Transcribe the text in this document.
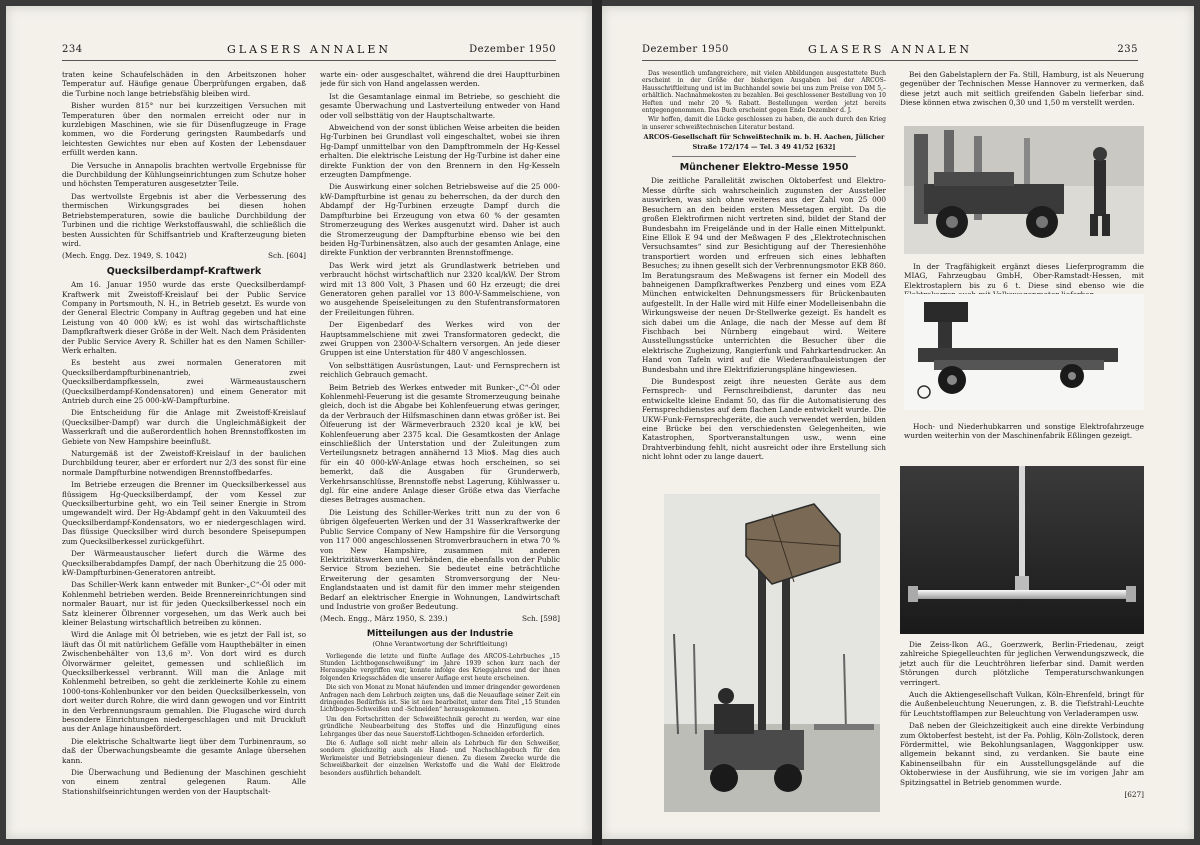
234	GLASERS ANNALEN	Dezember 1950

traten keine Schaufelschäden in den Arbeitszonen hoher Temperatur auf. Häufige genaue Überprüfungen ergaben, daß die Turbine noch lange betriebsfähig bleiben wird.

Bisher wurden 815° nur bei kurzzeitigen Versuchen mit Temperaturen über den normalen erreicht oder nur in kurzlebigen Maschinen, wie sie für Düsenflugzeuge in Frage kommen, wo die Forderung geringsten Raumbedarfs und leichtesten Gewichtes nur eben auf Kosten der Lebensdauer erfüllt werden kann.

Die Versuche in Annapolis brachten wertvolle Ergebnisse für die Durchbildung der Kühlungseinrichtungen zum Schutze hoher und höchsten Temperaturen ausgesetzter Teile.

Das wertvollste Ergebnis ist aber die Verbesserung des thermischen Wirkungsgrades bei diesen hohen Betriebstemperaturen, sowie die bauliche Durchbildung der Turbinen und die richtige Werkstoffauswahl, die schließlich die besten Aussichten für Schiffsantrieb und Krafterzeugung bieten wird.

(Mech. Engg. Dez. 1949, S. 1042)	Sch. [604]

Quecksilberdampf-Kraftwerk

Am 16. Januar 1950 wurde das erste Quecksilberdampf-Kraftwerk mit Zweistoff-Kreislauf bei der Public Service Company in Portsmouth, N. H., in Betrieb gesetzt. Es wurde von der General Electric Company in Auftrag gegeben und hat eine Leistung von 40 000 kW; es ist wohl das wirtschaftlichste Dampfkraftwerk dieser Größe in der Welt. Nach dem Präsidenten der Public Service Avery R. Schiller hat es den Namen Schiller-Werk erhalten.

Es besteht aus zwei normalen Generatoren mit Quecksilberdampfturbinenantrieb, zwei Quecksilberdampfkesseln, zwei Wärmeaustauschern (Quecksilberdampf-Kondensatoren) und einem Generator mit Antrieb durch eine 25 000-kW-Dampfturbine.

Die Entscheidung für die Anlage mit Zweistoff-Kreislauf (Quecksilber-Dampf) war durch die Ungleichmäßigkeit der Wasserkraft und die außerordentlich hohen Brennstoffkosten im Gebiete von New Hampshire beeinflußt.

Naturgemäß ist der Zweistoff-Kreislauf in der baulichen Durchbildung teurer, aber er erfordert nur 2/3 des sonst für eine normale Dampfturbine notwendigen Brennstoffbedarfes.

Im Betriebe erzeugen die Brenner im Quecksilberkessel aus flüssigem Hg-Quecksilberdampf, der vom Kessel zur Quecksilberturbine geht, wo ein Teil seiner Energie in Strom umgewandelt wird. Der Hg-Abdampf geht in den Vakuumteil des Quecksilberdampf-Kondensators, wo er niedergeschlagen wird. Das flüssige Quecksilber wird durch besondere Speisepumpen zum Quecksilberkessel zurückgeführt.

Der Wärmeaustauscher liefert durch die Wärme des Quecksilberabdampfes Dampf, der nach Überhitzung die 25 000-kW-Dampfturbinen-Generatoren antreibt.

Das Schiller-Werk kann entweder mit Bunker-„C“-Öl oder mit Kohlenmehl betrieben werden. Beide Brennereinrichtungen sind normaler Bauart, nur ist für jeden Quecksilberkessel noch ein Satz kleinerer Ölbrenner vorgesehen, um das Werk auch bei kleiner Belastung wirtschaftlich betreiben zu können.

Wird die Anlage mit Öl betrieben, wie es jetzt der Fall ist, so läuft das Öl mit natürlichem Gefälle vom Haupthebälter in einen Zwischenbehälter von 13,6 m³. Von dort wird es durch Ölvorwärmer geleitet, gemessen und schließlich im Quecksilberkessel verbrannt. Will man die Anlage mit Kohlenmehl betreiben, so geht die zerkleinerte Kohle zu einem 1000-tons-Kohlenbunker vor den beiden Quecksilberkesseln, von dort weiter durch Rohre, die wird dann gewogen und vor Eintritt in den Verbrennungsraum gemahlen. Die Flugasche wird durch besondere Einrichtungen niedergeschlagen und mit Druckluft aus der Anlage hinausbefördert.

Die elektrische Schaltwarte liegt über dem Turbinenraum, so daß der Überwachungsbeamte die gesamte Anlage übersehen kann.

Die Überwachung und Bedienung der Maschinen geschieht von einem zentral gelegenen Raum. Alle Stationshilfseinrichtungen werden von der Hauptschalt-

warte ein- oder ausgeschaltet, während die drei Hauptturbinen jede für sich von Hand angelassen werden.

Ist die Gesamtanlage einmal im Betriebe, so geschieht die gesamte Überwachung und Lastverteilung entweder von Hand oder voll selbsttätig von der Hauptschaltwarte.

Abweichend von der sonst üblichen Weise arbeiten die beiden Hg-Turbinen bei Grundlast voll eingeschaltet, wobei sie ihren Hg-Dampf unmittelbar von den Dampftrommeln der Hg-Kessel erhalten. Die elektrische Leistung der Hg-Turbine ist daher eine direkte Funktion der von den Brennern in den Hg-Kesseln erzeugten Dampfmenge.

Die Auswirkung einer solchen Betriebsweise auf die 25 000-kW-Dampfturbine ist genau zu beherrschen, da der durch den Abdampf der Hg-Turbinen erzeugte Dampf durch die Dampfturbine bei Erzeugung von etwa 60 % der gesamten Stromerzeugung des Werkes ausgenutzt wird. Daher ist auch die Stromerzeugung der Dampfturbine ebenso wie bei den beiden Hg-Turbinensätzen, also auch der gesamten Anlage, eine direkte Funktion der verbrannten Brennstoffmenge.

Das Werk wird jetzt als Grundlastwerk betrieben und verbraucht höchst wirtschaftlich nur 2320 kcal/kW. Der Strom wird mit 13 800 Volt, 3 Phasen und 60 Hz erzeugt; die drei Generatoren gehen parallel vor 13 800-V-Sammelschiene, von wo ausgehende Speiseleitungen zu den Stufentransformatoren der Freileitungen führen.

Der Eigenbedarf des Werkes wird von der Hauptsammelschiene mit zwei Transformatoren gedeckt, die zwei Gruppen von 2300-V-Schaltern versorgen. An jede dieser Gruppen ist eine Unterstation für 480 V angeschlossen.

Von selbsttätigen Ausrüstungen, Laut- und Fernsprechern ist reichlich Gebrauch gemacht.

Beim Betrieb des Werkes entweder mit Bunker-„C“-Öl oder Kohlenmehl-Feuerung ist die gesamte Stromerzeugung beinahe gleich, doch ist die Abgabe bei Kohlenfeuerung etwas geringer, da der Verbrauch der Hilfsmaschinen dann etwas größer ist. Bei Ölfeuerung ist der Wärmeverbrauch 2320 kcal je kW, bei Kohlenfeuerung aber 2375 kcal. Die Gesamtkosten der Anlage einschließlich der Unterstation und der Zuleitungen zum Verteilungsnetz betragen annähernd 13 Mio$. Mag dies auch für ein 40 000-kW-Anlage etwas hoch erscheinen, so sei bemerkt, daß die Ausgaben für Grunderwerb, Verkehrsanschlüsse, Brennstoffe nebst Lagerung, Kühlwasser u. dgl. für eine andere Anlage dieser Größe etwa das Vierfache dieses Betrages ausmachen.

Die Leistung des Schiller-Werkes tritt nun zu der von 6 übrigen ölgefeuerten Werken und der 31 Wasserkraftwerke der Public Service Company of New Hampshire für die Versorgung von 117 000 angeschlossenen Stromverbrauchern in etwa 70 % von New Hampshire, zusammen mit anderen Elektrizitätswerken und Verbänden, die ebenfalls von der Public Service Strom beziehen. Sie bedeutet eine beträchtliche Erweiterung der gesamten Stromversorgung der Neu-Englandstaaten und ist damit für den immer mehr steigenden Bedarf an elektrischer Energie in Wohnungen, Landwirtschaft und Industrie von großer Bedeutung.

(Mech. Engg., März 1950, S. 239.)	Sch. [598]

Mitteilungen aus der Industrie
(Ohne Verantwortung der Schriftleitung)

Vorliegende die letzte und fünfte Auflage des ARCOS-Lehrbuches „15 Stunden Lichtbogenschweißung“ im Jahre 1939 schon kurz nach der Herausgabe vergriffen war, konnte infolge des Kriegsjahres und der ihnen folgenden Kriegsschäden die unserer Auflage erst heute erscheinen.

Die sich von Monat zu Monat häufenden und immer dringender gewordenen Anfragen nach dem Lehrbuch zeigten uns, daß die Neuauflage seiner Zeit ein dringendes Bedürfnis ist. Sie ist neu bearbeitet, unter dem Titel „15 Stunden Lichtbogen-Schweißen und -Schneiden“ herausgekommen.

Um den Fortschritten der Schweißtechnik gerecht zu werden, war eine gründliche Neubearbeitung des Stoffes und die Hinzufügung eines Lehrganges über das neue Sauerstoff-Lichtbogen-Schneiden erforderlich.

Die 6. Auflage soll nicht mehr allein als Lehrbuch für den Schweißer, sondern gleichzeitig auch als Hand- und Nachschlagebuch für den Werkmeister und Betriebsingenieur dienen. Zu diesem Zwecke wurde die Schweißbarkeit der einzelnen Werkstoffe und die Wahl der Elektrode besonders ausführlich behandelt.

Dezember 1950	GLASERS ANNALEN	235

Das wesentlich umfangreichere, mit vielen Abbildungen ausgestattete Buch erscheint in der Größe der bisherigen Ausgaben bei der ARCOS-Hausschriftleitung und ist im Buchhandel sowie bei uns zum Preise von DM 5,– erhältlich. Nachnahmekosten zu bezahlen. Bei geschlossener Bestellung von 10 Heften und mehr 20 % Rabatt. Bestellungen werden jetzt bereits entgegengenommen. Das Buch erscheint gegen Ende Dezember d. J.

Wir hoffen, damit die Lücke geschlossen zu haben, die auch durch den Krieg in unserer schweißtechnischen Literatur bestand.

ARCOS-Gesellschaft für Schweißtechnik m. b. H. Aachen, Jülicher Straße 172/174 — Tel. 3 49 41/52 [632]
Münchener Elektro-Messe 1950

Die zeitliche Parallelität zwischen Oktoberfest und Elektro-Messe dürfte sich wahrscheinlich zugunsten der Aussteller auswirken, was sich ohne weiteres aus der Zahl von 25 000 Besuchern an den beiden ersten Messetagen ergibt. Da die großen Elektrofirmen nicht vertreten sind, bildet der Stand der Bundesbahn im Freigelände und in der Halle einen Mittelpunkt. Eine Ellok E 94 und der Meßwagen F des „Elektrotechnischen Versuchsamtes“ sind zur Besichtigung auf der Theresienhöhe transportiert worden und erfreuen sich eines lebhaften Besuches; zu ihnen gesellt sich der Verbrennungsmotor EKB 860. Im Beratungsraum des Meßwagens ist ferner ein Modell des bahneigenen Dampfkraftwerkes Penzberg und eines vom EZA München entwickelten Dehnungsmessers für Brückenbauten aufgestellt. In der Halle wird mit Hilfe einer Modelleisenbahn die Wirkungsweise der neuen Dr-Stellwerke gezeigt. Es handelt es sich dabei um die Anlage, die nach der Messe auf dem Bf Fischbach bei Nürnberg eingebaut wird. Weitere Ausstellungsstücke unterrichten die Besucher über die elektrische Zugheizung, Rangierfunk und Fahrkartendrucker. An Hand von Tafeln wird auf die Wiederaufbauleistungen der Bundesbahn und ihre Elektrifizierungspläne hingewiesen.

Die Bundespost zeigt ihre neuesten Geräte aus dem Fernsprech- und Fernschreibdienst, darunter das neu entwickelte kleine Endamt 50, das für die Automatisierung des Fernsprechdienstes auf dem flachen Lande entwickelt wurde. Die UKW-Funk-Fernsprechgeräte, die auch verwendet werden, bilden eine Brücke bei den verschiedensten Gelegenheiten, wie Katastrophen, Sportveranstaltungen usw., wenn eine Drahtverbindung fehlt, nicht ausreicht oder ihre Erstellung sich nicht lohnt oder zu lange dauert.

Bei den Gabelstaplern der Fa. Still, Hamburg, ist als Neuerung gegenüber der Technischen Messe Hannover zu vermerken, daß diese jetzt auch mit seitlich greifenden Gabeln lieferbar sind. Diese können etwa zwischen 0,30 und 1,50 m verstellt werden.

In der Tragfähigkeit ergänzt dieses Lieferprogramm die MIAG, Fahrzeugbau GmbH, Ober-Ramstadt-Hessen, mit Elektrostaplern bis zu 6 t. Diese sind ebenso wie die

Hoch- und Niederhubkarren und sonstige Elektrofahrzeuge wurden weiterhin von der Maschinenfabrik Eßlingen gezeigt.

Die Zeiss-Ikon AG., Goerzwerk, Berlin-Friedenau, zeigt zahlreiche Spiegelleuchten für jeglichen Verwendungszweck, die jetzt auch für die Leuchtröhren lieferbar sind. Damit werden Störungen durch plötzliche Temperaturschwankungen verringert.

Auch die Aktiengesellschaft Vulkan, Köln-Ehrenfeld, bringt für die Außenbeleuchtung Neuerungen, z. B. die Tiefstrahl-Leuchte für Leuchtstofflampen zur Beleuchtung von Verladerampen usw.

Daß neben der Gleichzeitigkeit auch eine direkte Verbindung zum Oktoberfest besteht, ist der Fa. Pohlig, Köln-Zollstock, deren Fördermittel, wie Bekohlungsanlagen, Waggonkipper usw. allgemein bekannt sind, zu verdanken. Sie baute eine Kabinenseilbahn für ein Ausstellungsgelände auf die Oktoberwiese in der Ausführung, wie sie im vorigen Jahr am Spitzingsattel in Betrieb genommen wurde.

[627]
